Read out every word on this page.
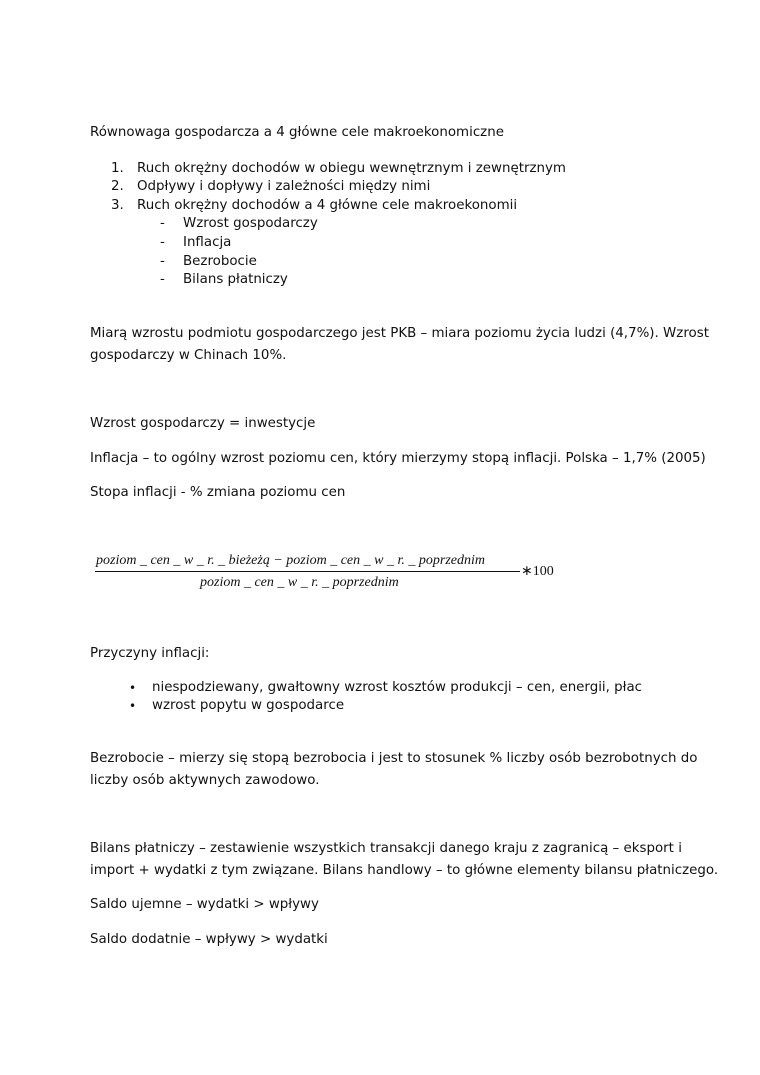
Równowaga gospodarcza a 4 główne cele makroekonomiczne
1. Ruch okrężny dochodów w obiegu wewnętrznym i zewnętrznym
2. Odpływy i dopływy i zależności między nimi
3. Ruch okrężny dochodów a 4 główne cele makroekonomii
- Wzrost gospodarczy
- Inflacja
- Bezrobocie
- Bilans płatniczy
Miarą wzrostu podmiotu gospodarczego jest PKB – miara poziomu życia ludzi (4,7%). Wzrost
gospodarczy w Chinach 10%.
Wzrost gospodarczy = inwestycje
Inflacja – to ogólny wzrost poziomu cen, który mierzymy stopą inflacji. Polska – 1,7% (2005)
Stopa inflacji - % zmiana poziomu cen
poziom _ cen _ w _ r. _ bieżeżą − poziom _ cen _ w _ r. _ poprzednim
poziom _ cen _ w _ r. _ poprzednim
∗100
Przyczyny inflacji:
• niespodziewany, gwałtowny wzrost kosztów produkcji – cen, energii, płac
• wzrost popytu w gospodarce
Bezrobocie – mierzy się stopą bezrobocia i jest to stosunek % liczby osób bezrobotnych do
liczby osób aktywnych zawodowo.
Bilans płatniczy – zestawienie wszystkich transakcji danego kraju z zagranicą – eksport i
import + wydatki z tym związane. Bilans handlowy – to główne elementy bilansu płatniczego.
Saldo ujemne – wydatki > wpływy
Saldo dodatnie – wpływy > wydatki
